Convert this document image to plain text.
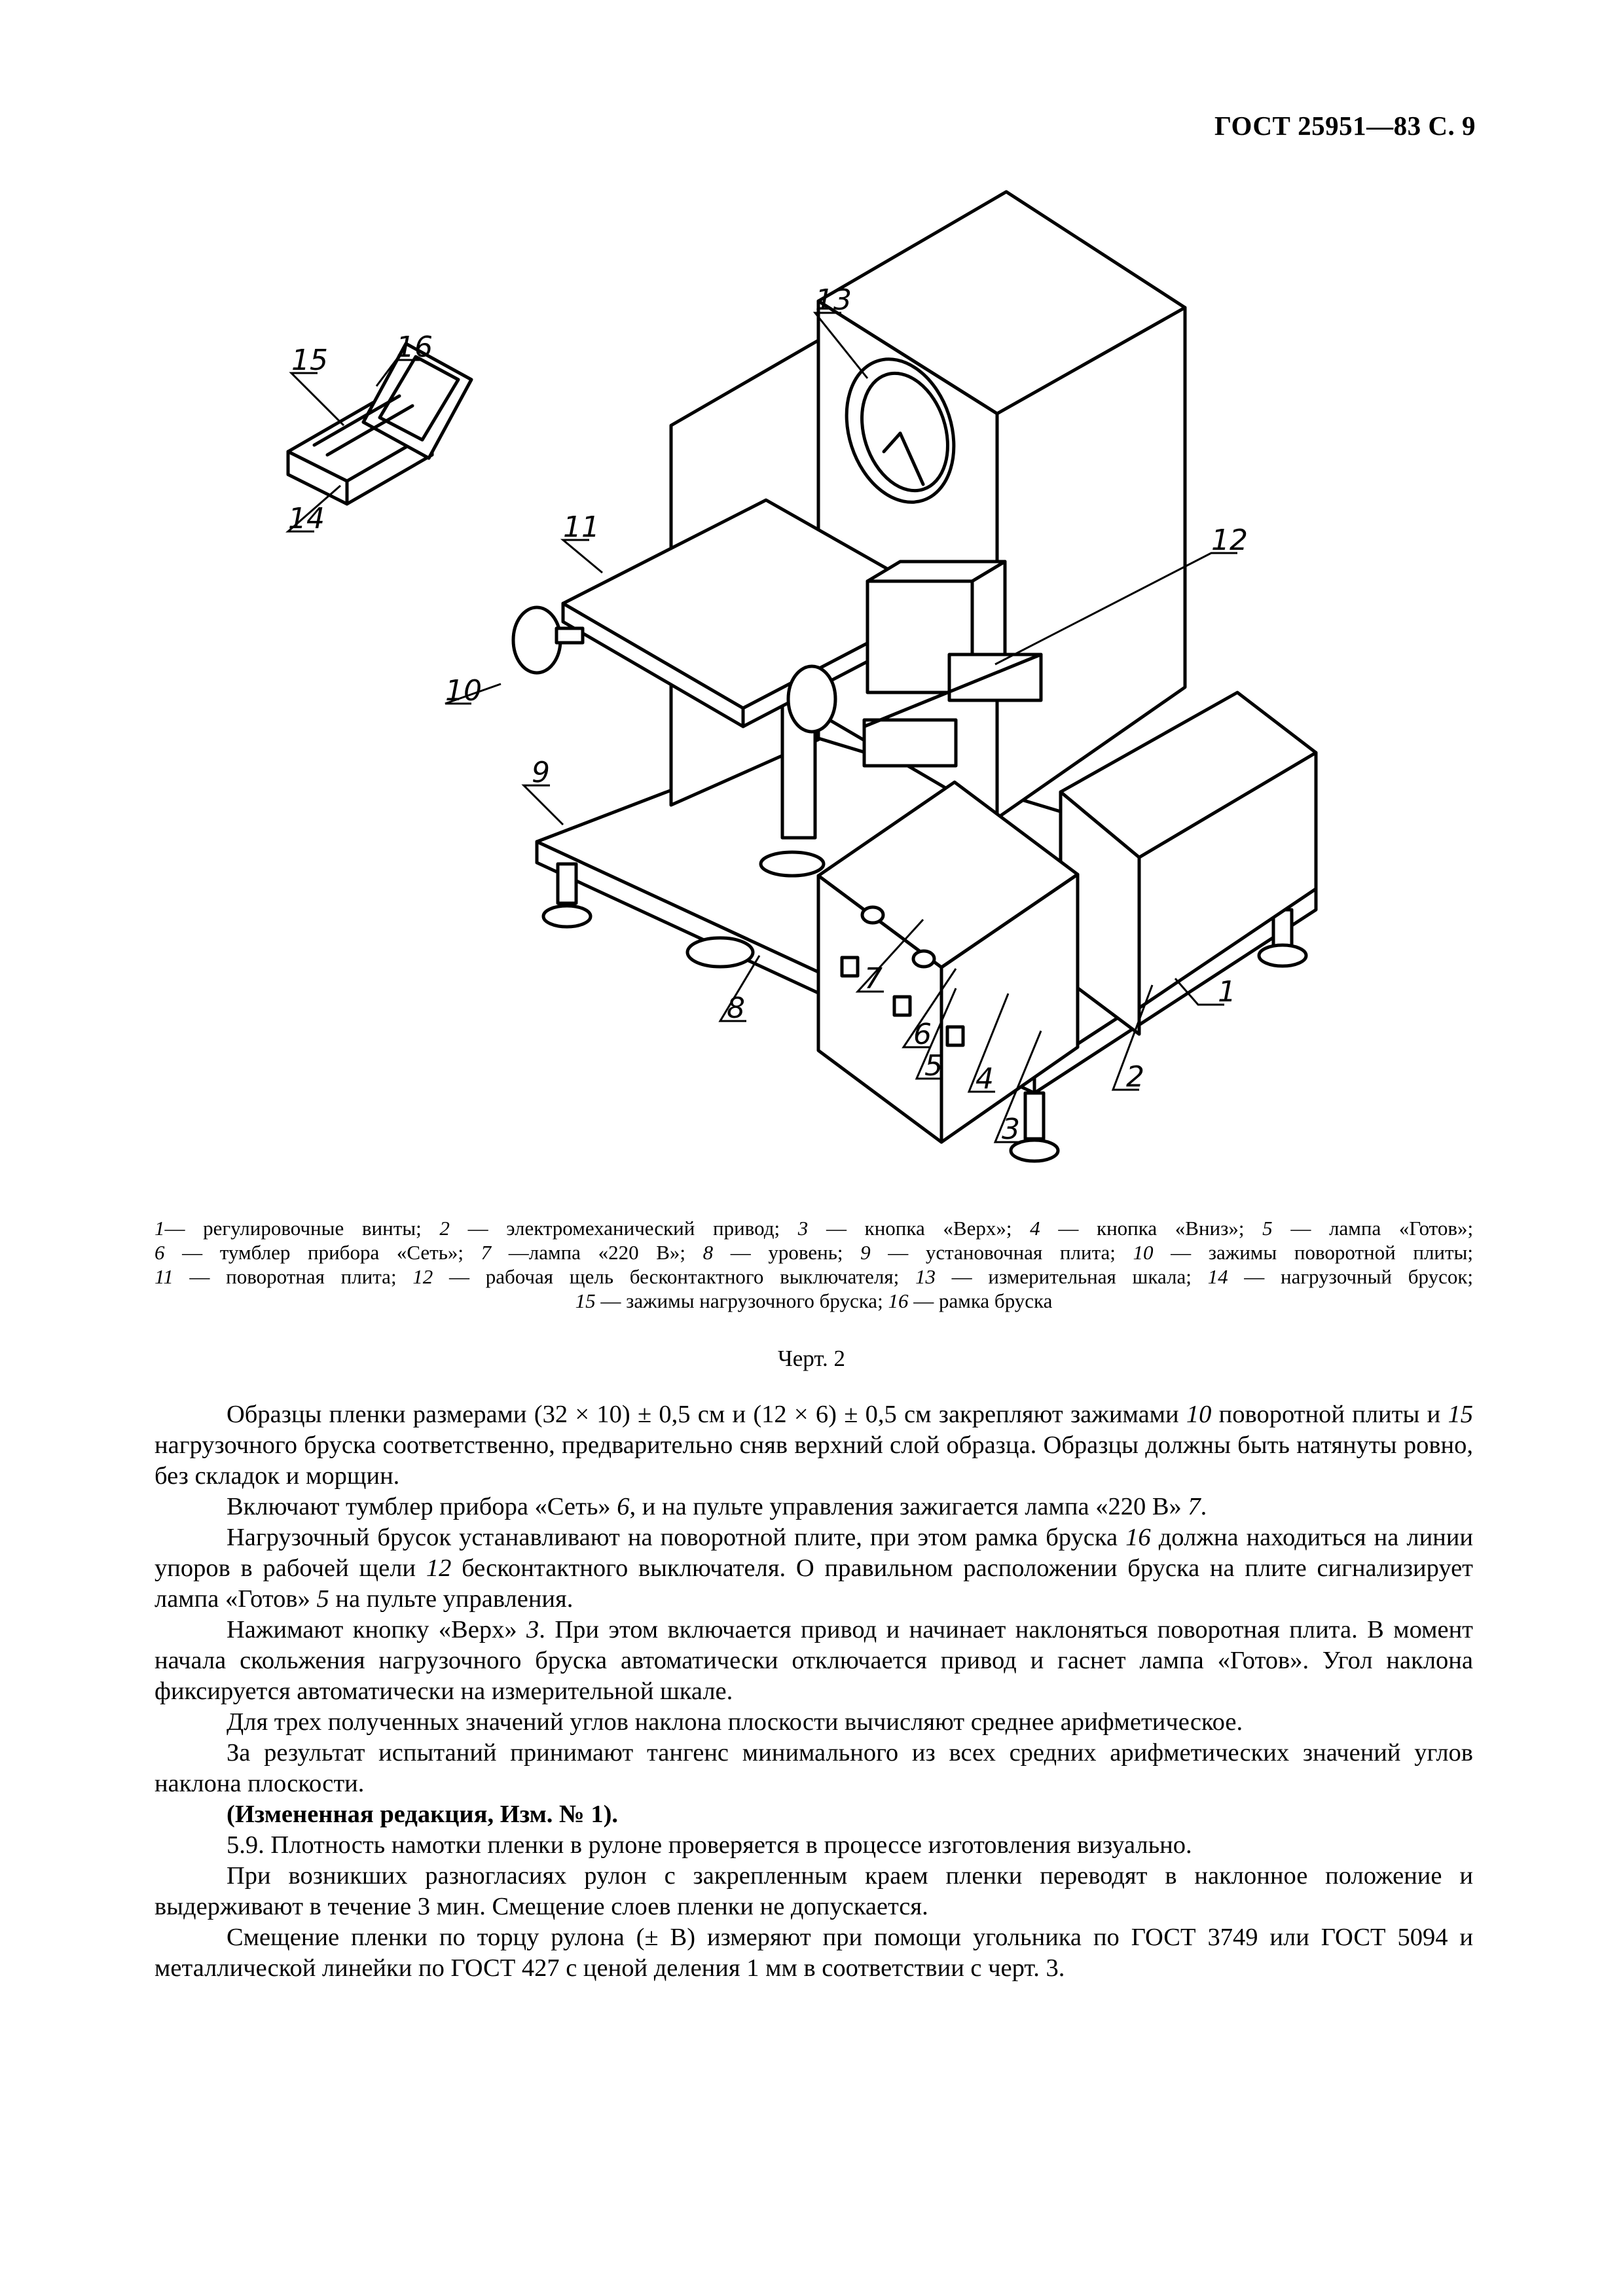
ГОСТ 25951—83 С. 9
1
2
3
4
5
6
7
8
9
10
11	12
13
14
15 16
1— регулировочные винты; 2 — электромеханический привод; 3 — кнопка «Верх»; 4 — кнопка «Вниз»; 5 — лампа «Готов»;
6 — тумблер прибора «Сеть»; 7 —лампа «220 В»; 8 — уровень; 9 — установочная плита; 10 — зажимы поворотной плиты;
11 — поворотная плита; 12 — рабочая щель бесконтактного выключателя; 13 — измерительная шкала; 14 — нагрузочный брусок;
15 — зажимы нагрузочного бруска; 16 — рамка бруска
Черт. 2

Образцы пленки размерами (32 × 10) ± 0,5 см и (12 × 6) ± 0,5 см закрепляют зажимами 10 поворотной плиты и 15 нагрузочного бруска соответственно, предварительно сняв верхний слой образца. Образцы должны быть натянуты ровно, без складок и морщин.

Включают тумблер прибора «Сеть» 6, и на пульте управления зажигается лампа «220 В» 7.

Нагрузочный брусок устанавливают на поворотной плите, при этом рамка бруска 16 должна находиться на линии упоров в рабочей щели 12 бесконтактного выключателя. О правильном расположении бруска на плите сигнализирует лампа «Готов» 5 на пульте управления.

Нажимают кнопку «Верх» 3. При этом включается привод и начинает наклоняться поворотная плита. В момент начала скольжения нагрузочного бруска автоматически отключается привод и гаснет лампа «Готов». Угол наклона фиксируется автоматически на измерительной шкале.

Для трех полученных значений углов наклона плоскости вычисляют среднее арифметическое.

За результат испытаний принимают тангенс минимального из всех средних арифметических значений углов наклона плоскости.

(Измененная редакция, Изм. № 1).

5.9. Плотность намотки пленки в рулоне проверяется в процессе изготовления визуально.

При возникших разногласиях рулон с закрепленным краем пленки переводят в наклонное положение и выдерживают в течение 3 мин. Смещение слоев пленки не допускается.

Смещение пленки по торцу рулона (± В) измеряют при помощи угольника по ГОСТ 3749 или ГОСТ 5094 и металлической линейки по ГОСТ 427 с ценой деления 1 мм в соответствии с черт. 3.
